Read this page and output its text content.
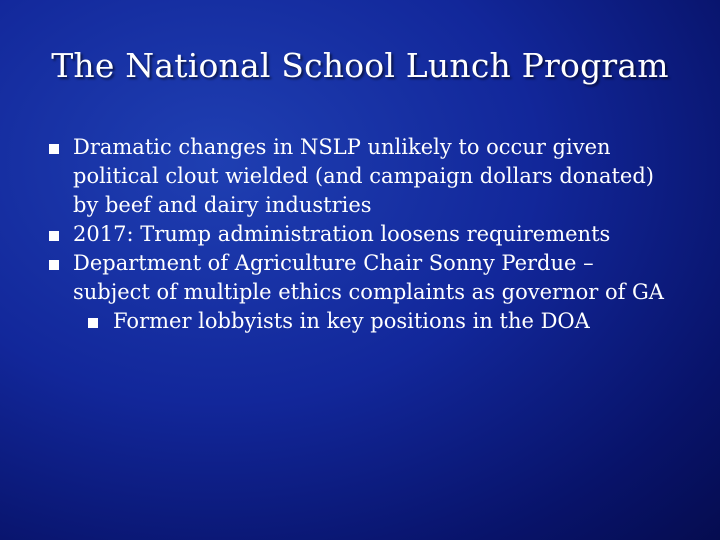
The National School Lunch Program
Dramatic changes in NSLP unlikely to occur given political clout wielded (and campaign dollars donated) by beef and dairy industries
2017: Trump administration loosens requirements
Department of Agriculture Chair Sonny Perdue – subject of multiple ethics complaints as governor of GA
Former lobbyists in key positions in the DOA
